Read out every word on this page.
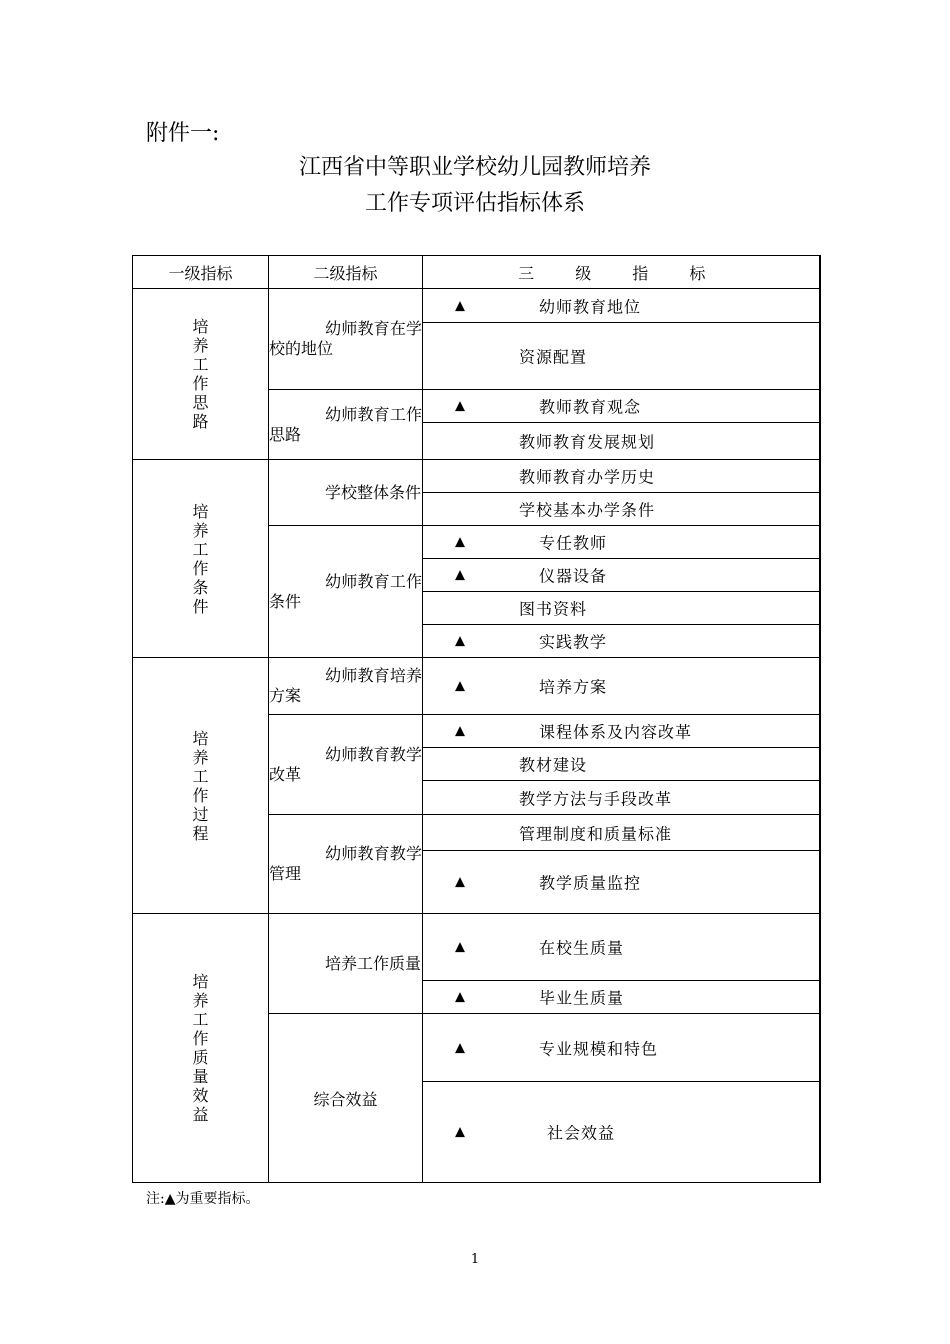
附件一:
江西省中等职业学校幼儿园教师培养
工作专项评估指标体系
一级指标	二级指标	三 级 指 标
培养工作思路	幼师教育在学校的地位	▲ 幼师教育地位

		资源配置

	幼师教育工作思路	▲ 教师教育观念

		教师教育发展规划

培养工作条件	学校整体条件	教师教育办学历史

		学校基本办学条件

	幼师教育工作条件	▲ 专任教师

		▲ 仪器设备

		图书资料

		▲ 实践教学

培养工作过程	幼师教育培养方案	▲ 培养方案

	幼师教育教学改革	▲ 课程体系及内容改革

		教材建设

		教学方法与手段改革

	幼师教育教学管理	管理制度和质量标准

		▲ 教学质量监控

培养工作质量效益	培养工作质量	▲ 在校生质量

		▲ 毕业生质量

	综合效益	▲ 专业规模和特色

		▲ 社会效益
注:▲为重要指标。
1
